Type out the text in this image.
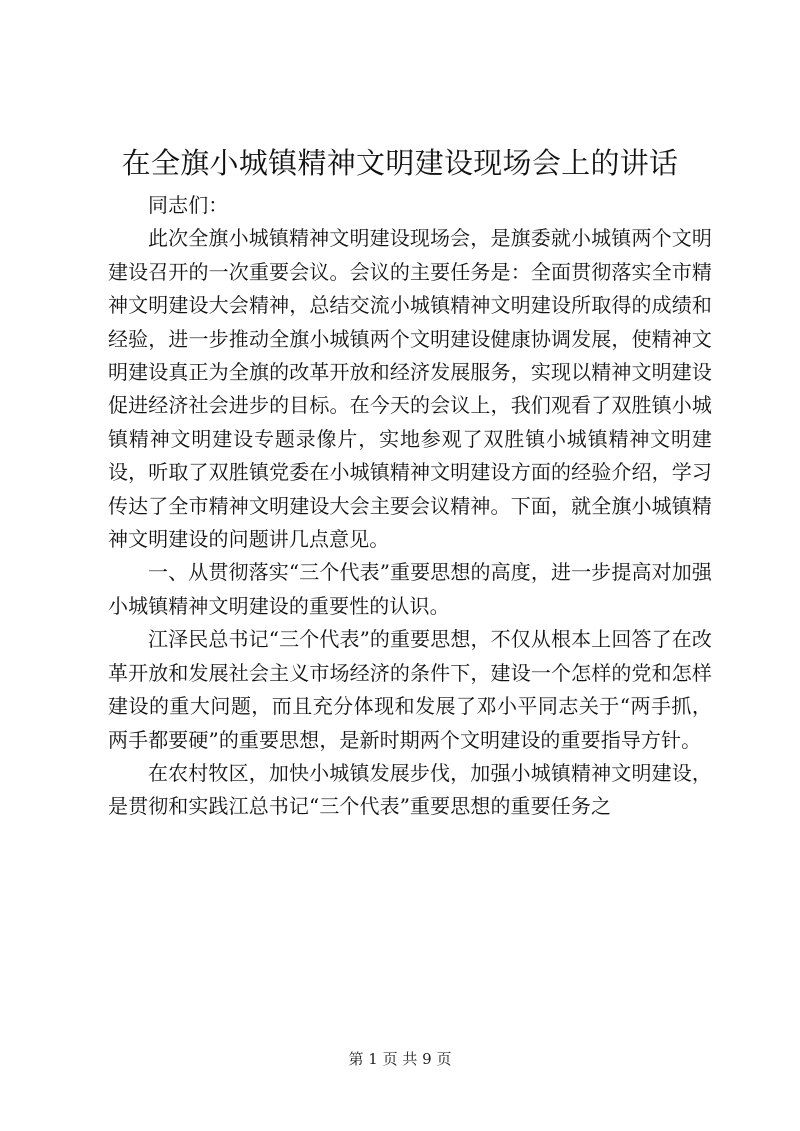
在全旗小城镇精神文明建设现场会上的讲话

同志们：

此次全旗小城镇精神文明建设现场会，是旗委就小城镇两个文明建设召开的一次重要会议。会议的主要任务是：全面贯彻落实全市精神文明建设大会精神，总结交流小城镇精神文明建设所取得的成绩和经验，进一步推动全旗小城镇两个文明建设健康协调发展，使精神文明建设真正为全旗的改革开放和经济发展服务，实现以精神文明建设促进经济社会进步的目标。在今天的会议上，我们观看了双胜镇小城镇精神文明建设专题录像片，实地参观了双胜镇小城镇精神文明建设，听取了双胜镇党委在小城镇精神文明建设方面的经验介绍，学习传达了全市精神文明建设大会主要会议精神。下面，就全旗小城镇精神文明建设的问题讲几点意见。

一、从贯彻落实“三个代表”重要思想的高度，进一步提高对加强小城镇精神文明建设的重要性的认识。

江泽民总书记“三个代表”的重要思想，不仅从根本上回答了在改革开放和发展社会主义市场经济的条件下，建设一个怎样的党和怎样建设的重大问题，而且充分体现和发展了邓小平同志关于“两手抓，两手都要硬”的重要思想，是新时期两个文明建设的重要指导方针。

在农村牧区，加快小城镇发展步伐，加强小城镇精神文明建设，是贯彻和实践江总书记“三个代表”重要思想的重要任务之

第 1 页 共 9 页
